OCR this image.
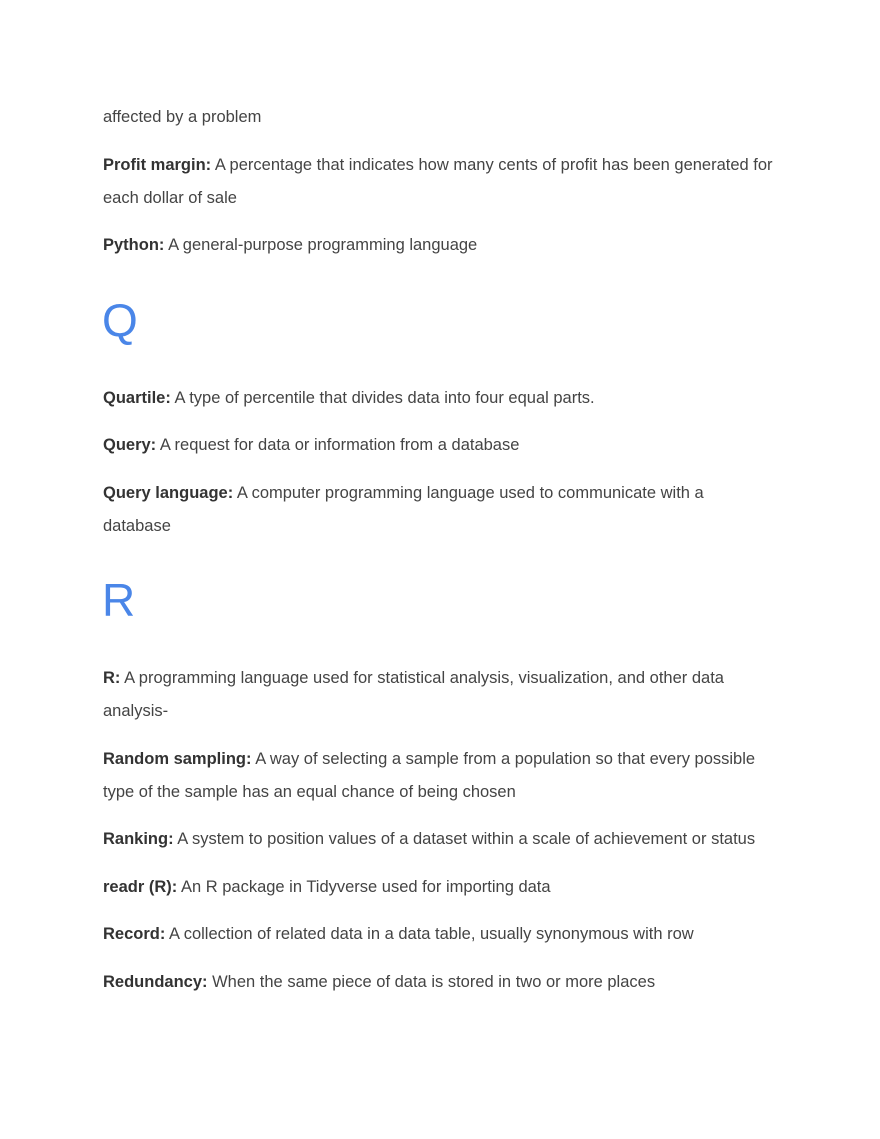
affected by a problem

Profit margin: A percentage that indicates how many cents of profit has been generated for each dollar of sale

Python: A general-purpose programming language

Q

Quartile: A type of percentile that divides data into four equal parts.

Query: A request for data or information from a database

Query language: A computer programming language used to communicate with a database

R

R: A programming language used for statistical analysis, visualization, and other data analysis-

Random sampling: A way of selecting a sample from a population so that every possible type of the sample has an equal chance of being chosen

Ranking: A system to position values of a dataset within a scale of achievement or status

readr (R): An R package in Tidyverse used for importing data

Record: A collection of related data in a data table, usually synonymous with row

Redundancy: When the same piece of data is stored in two or more places
